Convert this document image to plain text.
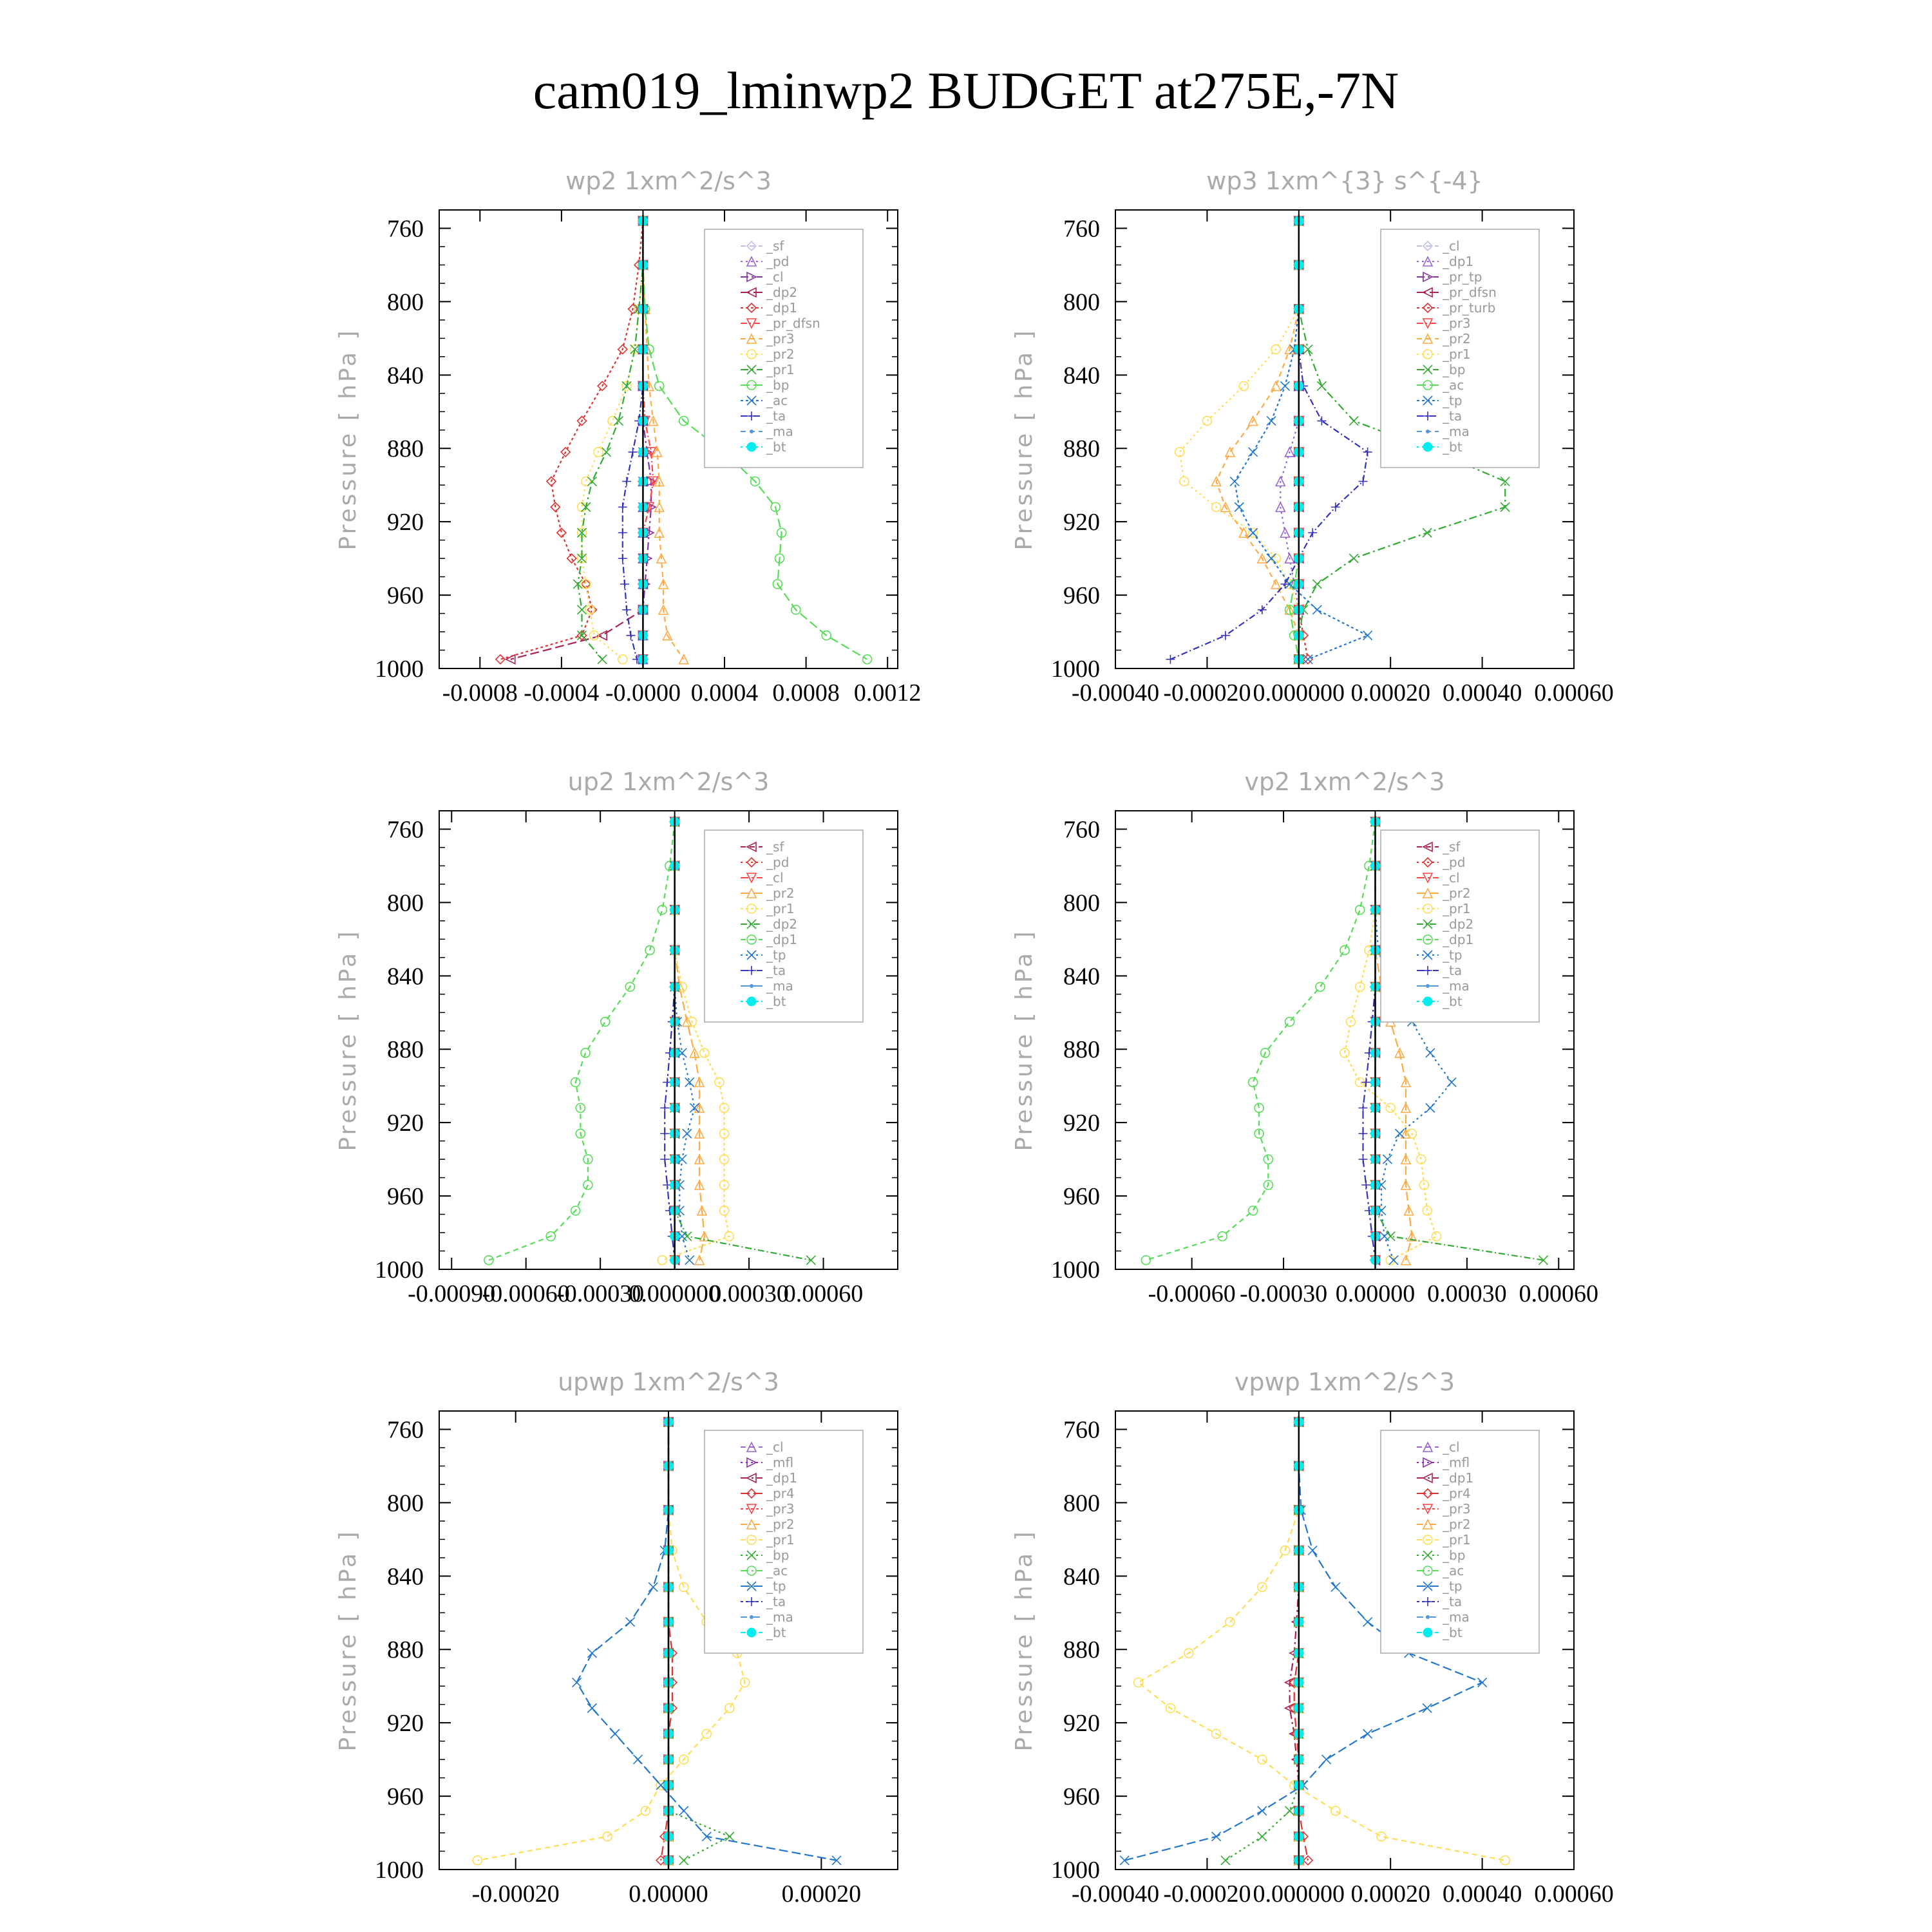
cam019_lminwp2 BUDGET at275E,-7N
wp2 1xm^2/s^3
Pressure [ hPa ]
760
800
840
880
920
960
1000
-0.0008 -0.0004 -0.0000 0.0004 0.0008 0.0012
_sf
_pd
_cl
_dp2
_dp1
_pr_dfsn
_pr3
_pr2
_pr1
_bp
_ac
_ta
_ma
_bt
wp3 1xm^{3} s^{-4}
Pressure [ hPa ]
760
800
840
880
920
960
1000
-0.00040 -0.00020 0.000000 0.00020 0.00040 0.00060
_cl
_dp1
_pr_tp
_pr_dfsn
_pr_turb
_pr3
_pr2
_pr1
_bp
_ac
_tp
_ta
_ma
_bt
up2 1xm^2/s^3
Pressure [ hPa ]
760
800
840
880
920
960
1000
-0.00090
-0.00060
-0.00030
0.000000
0.00030
0.00060
_sf
_pd
_cl
_pr2
_pr1
_dp2
_dp1
_tp
_ta
_ma
_bt
vp2 1xm^2/s^3
Pressure [ hPa ]
760
800
840
880
920
960
1000
-0.00060 -0.00030 0.00000 0.00030 0.00060
_sf
_pd
_cl
_pr2
_pr1
_dp2
_dp1
_tp
_ta
_ma
_bt
upwp 1xm^2/s^3
Pressure [ hPa ]
760
800
840
880
920
960
1000
-0.00020	0.00000	0.00020
_cl
_mfl
_dp1
_pr4
_pr3
_pr2
_pr1
_bp
_ac
_tp
_ta
_ma
_bt
vpwp 1xm^2/s^3
Pressure [ hPa ]
760
800
840
880
920
960
1000
-0.00040 -0.00020 0.000000 0.00020 0.00040 0.00060
_cl
_mfl
_dp1
_pr4
_pr3
_pr2
_pr1
_bp
_ac
_tp
_ta
_ma
_bt
